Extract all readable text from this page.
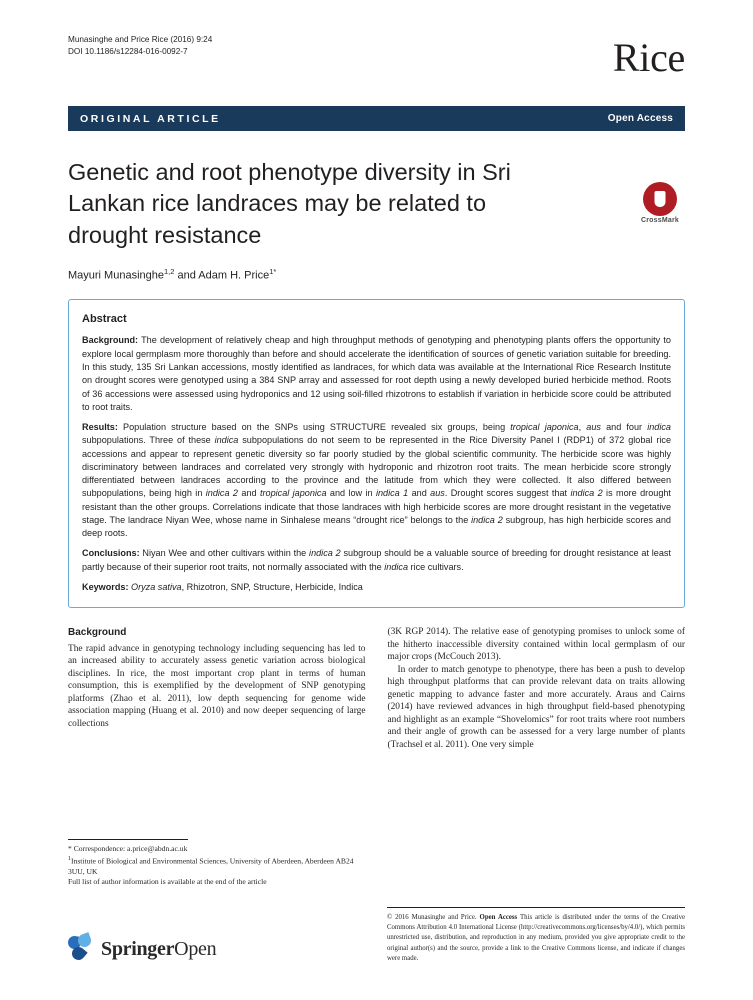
Munasinghe and Price Rice (2016) 9:24
DOI 10.1186/s12284-016-0092-7	Rice
ORIGINAL ARTICLE	Open Access
CrossMark
Genetic and root phenotype diversity in Sri Lankan rice landraces may be related to drought resistance
Mayuri Munasinghe$^{1,2}$ and Adam H. Price$^{1*}$
Abstract

Background: The development of relatively cheap and high throughput methods of genotyping and phenotyping plants offers the opportunity to explore local germplasm more thoroughly than before and should accelerate the identification of sources of genetic variation suitable for breeding. In this study, 135 Sri Lankan accessions, mostly identified as landraces, for which data was available at the International Rice Research Institute on drought scores were genotyped using a 384 SNP array and assessed for root depth using a newly developed buried herbicide method. Roots of 36 accessions were assessed using hydroponics and 12 using soil-filled rhizotrons to establish if variation in herbicide score could be attributed to root traits.

Results: Population structure based on the SNPs using STRUCTURE revealed six groups, being tropical japonica, aus and four indica subpopulations. Three of these indica subpopulations do not seem to be represented in the Rice Diversity Panel I (RDP1) of 372 global rice accessions and appear to represent genetic diversity so far poorly studied by the global scientific community. The herbicide score was highly discriminatory between landraces and correlated very strongly with hydroponic and rhizotron root traits. The mean herbicide score strongly differentiated between landraces according to the province and the latitude from which they were collected. It also differed between subpopulations, being high in indica 2 and tropical japonica and low in indica 1 and aus. Drought scores suggest that indica 2 is more drought resistant than the other groups. Correlations indicate that those landraces with high herbicide scores are more drought resistant in the vegetative stage. The landrace Niyan Wee, whose name in Sinhalese means “drought rice” belongs to the indica 2 subgroup, has high herbicide scores and deep roots.

Conclusions: Niyan Wee and other cultivars within the indica 2 subgroup should be a valuable source of breeding for drought resistance at least partly because of their superior root traits, not normally associated with the indica rice cultivars.

Keywords: Oryza sativa, Rhizotron, SNP, Structure, Herbicide, Indica

Background

The rapid advance in genotyping technology including sequencing has led to an increased ability to accurately assess genetic variation across biological disciplines. In rice, the most important crop plant in terms of human consumption, this is exemplified by the development of SNP genotyping platforms (Zhao et al. 2011), low depth sequencing for genome wide association mapping (Huang et al. 2010) and now deeper sequencing of large collections

(3K RGP 2014). The relative ease of genotyping promises to unlock some of the hitherto inaccessible diversity contained within local germplasm of our major crops (McCouch 2013).

In order to match genotype to phenotype, there has been a push to develop high throughput platforms that can provide relevant data on traits allowing genetic mapping to advance faster and more accurately. Araus and Cairns (2014) have reviewed advances in high throughput field-based phenotyping and highlight as an example “Shovelomics” for root traits where root numbers and their angle of growth can be assessed for a very large number of plants (Trachsel et al. 2011). One very simple

* Correspondence: a.price@abdn.ac.uk
$^1$Institute of Biological and Environmental Sciences, University of Aberdeen, Aberdeen AB24 3UU, UK
Full list of author information is available at the end of the article
SpringerOpen
© 2016 Munasinghe and Price. Open Access This article is distributed under the terms of the Creative Commons Attribution 4.0 International License (http://creativecommons.org/licenses/by/4.0/), which permits unrestricted use, distribution, and reproduction in any medium, provided you give appropriate credit to the original author(s) and the source, provide a link to the Creative Commons license, and indicate if changes were made.
